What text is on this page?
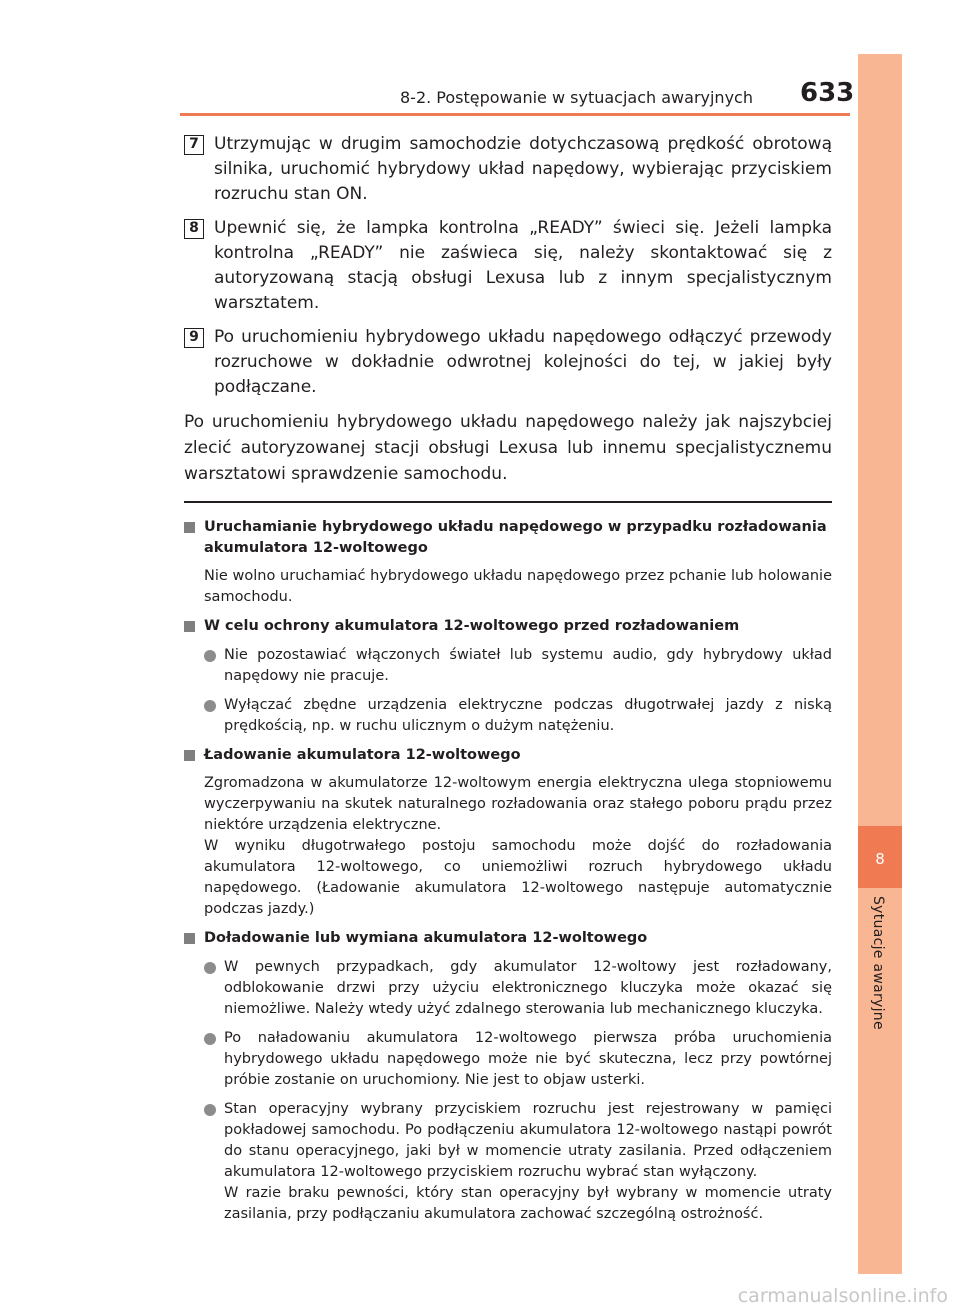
8-2. Postępowanie w sytuacjach awaryjnych 633
8
Sytuacje awaryjne
7 Utrzymując w drugim samochodzie dotychczasową prędkość obrotową silnika, uruchomić hybrydowy układ napędowy, wybierając przyciskiem rozruchu stan ON.
8 Upewnić się, że lampka kontrolna „READY” świeci się. Jeżeli lampka kontrolna „READY” nie zaświeca się, należy skontaktować się z autoryzowaną stacją obsługi Lexusa lub z innym specjalistycznym warsztatem.
9 Po uruchomieniu hybrydowego układu napędowego odłączyć przewody rozruchowe w dokładnie odwrotnej kolejności do tej, w jakiej były podłączane.
Po uruchomieniu hybrydowego układu napędowego należy jak najszybciej zlecić autoryzowanej stacji obsługi Lexusa lub innemu specjalistycznemu warsztatowi sprawdzenie samochodu.
Uruchamianie hybrydowego układu napędowego w przypadku rozładowania akumulatora 12-woltowego
Nie wolno uruchamiać hybrydowego układu napędowego przez pchanie lub holowanie samochodu.
W celu ochrony akumulatora 12-woltowego przed rozładowaniem
Nie pozostawiać włączonych świateł lub systemu audio, gdy hybrydowy układ napędowy nie pracuje.
Wyłączać zbędne urządzenia elektryczne podczas długotrwałej jazdy z niską prędkością, np. w ruchu ulicznym o dużym natężeniu.
Ładowanie akumulatora 12-woltowego
Zgromadzona w akumulatorze 12-woltowym energia elektryczna ulega stopniowemu wyczerpywaniu na skutek naturalnego rozładowania oraz stałego poboru prądu przez niektóre urządzenia elektryczne.
W wyniku długotrwałego postoju samochodu może dojść do rozładowania akumulatora 12-woltowego, co uniemożliwi rozruch hybrydowego układu napędowego. (Ładowanie akumulatora 12-woltowego następuje automatycznie podczas jazdy.)
Doładowanie lub wymiana akumulatora 12-woltowego
W pewnych przypadkach, gdy akumulator 12-woltowy jest rozładowany, odblokowanie drzwi przy użyciu elektronicznego kluczyka może okazać się niemożliwe. Należy wtedy użyć zdalnego sterowania lub mechanicznego kluczyka.
Po naładowaniu akumulatora 12-woltowego pierwsza próba uruchomienia hybrydowego układu napędowego może nie być skuteczna, lecz przy powtórnej próbie zostanie on uruchomiony. Nie jest to objaw usterki.
Stan operacyjny wybrany przyciskiem rozruchu jest rejestrowany w pamięci pokładowej samochodu. Po podłączeniu akumulatora 12-woltowego nastąpi powrót do stanu operacyjnego, jaki był w momencie utraty zasilania. Przed odłączeniem akumulatora 12-woltowego przyciskiem rozruchu wybrać stan wyłączony.
W razie braku pewności, który stan operacyjny był wybrany w momencie utraty zasilania, przy podłączaniu akumulatora zachować szczególną ostrożność.
carmanualsonline.info
